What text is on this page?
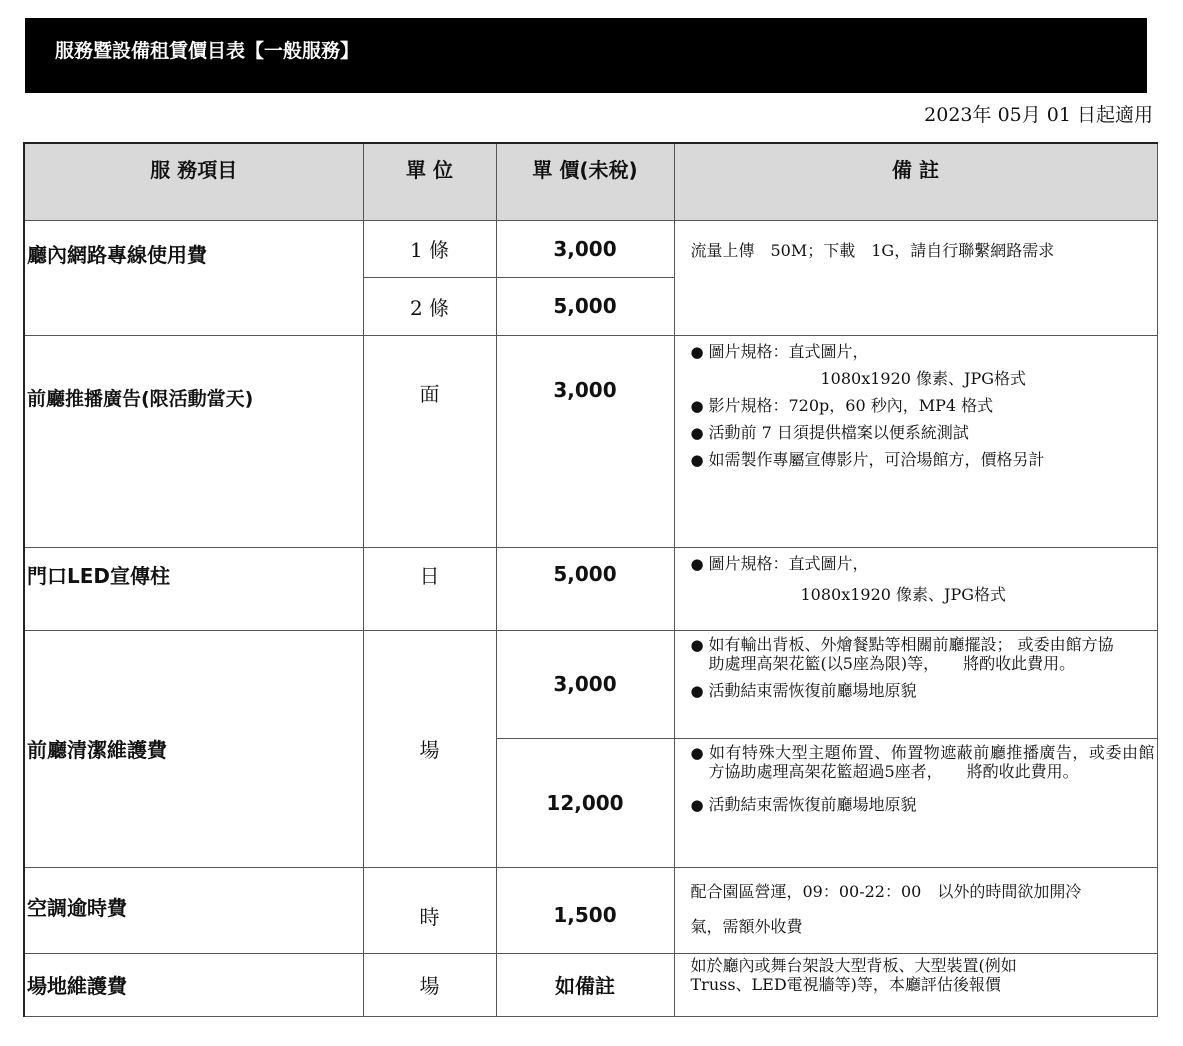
服務暨設備租賃價目表【一般服務】
2023年 05月 01 日起適用
服 務項目	單 位	單 價(未稅)	備 註
廳內網路專線使用費	1 條	3,000	流量上傳　50M；下載　1G，請自行聯繫網路需求

	2 條	5,000	
前廳推播廣告(限活動當天)	面	3,000	● 圖片規格：直式圖片，
1080x1920 像素、JPG格式
● 影片規格：720p，60 秒內，MP4 格式
● 活動前 7 日須提供檔案以便系統測試
● 如需製作專屬宣傳影片，可洽場館方，價格另計

門口LED宣傳柱	日	5,000	● 圖片規格：直式圖片，
1080x1920 像素、JPG格式

前廳清潔維護費	場	3,000	● 如有輸出背板、外燴餐點等相關前廳擺設； 或委由館方協助處理高架花籃(以5座為限)等，　　將酌收此費用。
● 活動結束需恢復前廳場地原貌

		12,000	● 如有特殊大型主題佈置、佈置物遮蔽前廳推播廣告，或委由館方協助處理高架花籃超過5座者，　　將酌收此費用。
● 活動結束需恢復前廳場地原貌

空調逾時費	時	1,500	配合園區營運，09：00-22：00　以外的時間欲加開冷
氣，需額外收費

場地維護費	場	如備註	如於廳內或舞台架設大型背板、大型裝置(例如
Truss、LED電視牆等)等，本廳評估後報價
